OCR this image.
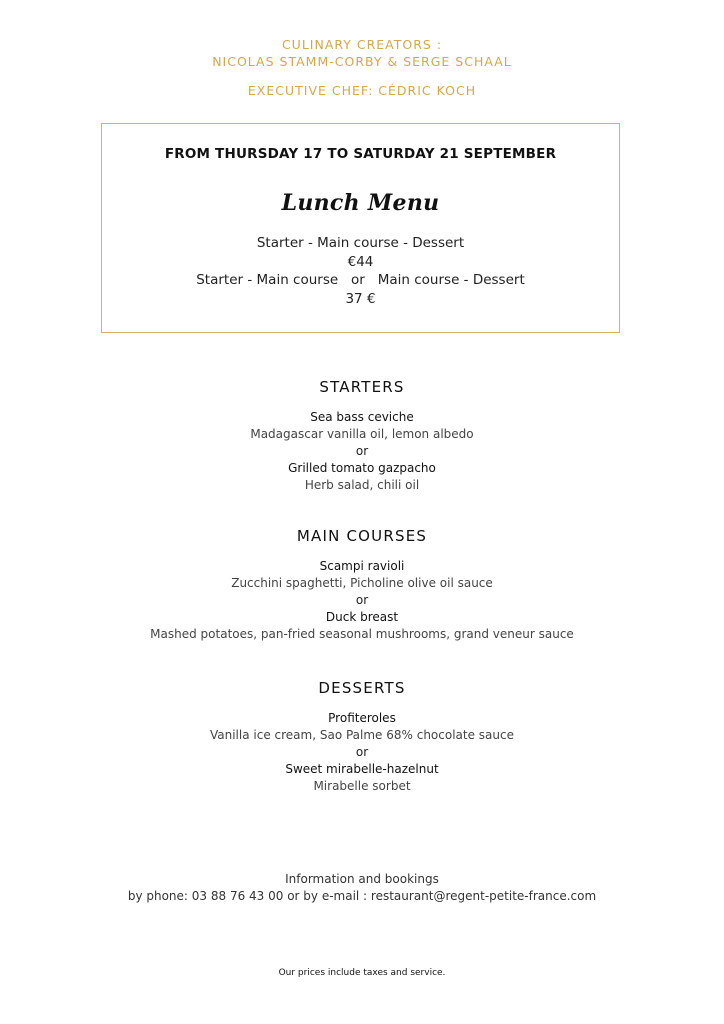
CULINARY CREATORS :
NICOLAS STAMM-CORBY & SERGE SCHAAL
EXECUTIVE CHEF: CÉDRIC KOCH
FROM THURSDAY 17 TO SATURDAY 21 SEPTEMBER
Lunch Menu
Starter - Main course - Dessert
€44
Starter - Main course   or   Main course - Dessert
37 €
STARTERS
Sea bass ceviche
Madagascar vanilla oil, lemon albedo
or
Grilled tomato gazpacho
Herb salad, chili oil
MAIN COURSES
Scampi ravioli
Zucchini spaghetti, Picholine olive oil sauce
or
Duck breast
Mashed potatoes, pan-fried seasonal mushrooms, grand veneur sauce
DESSERTS
Profiteroles
Vanilla ice cream, Sao Palme 68% chocolate sauce
or
Sweet mirabelle-hazelnut
Mirabelle sorbet
Information and bookings
by phone: 03 88 76 43 00 or by e-mail : restaurant@regent-petite-france.com
Our prices include taxes and service.
